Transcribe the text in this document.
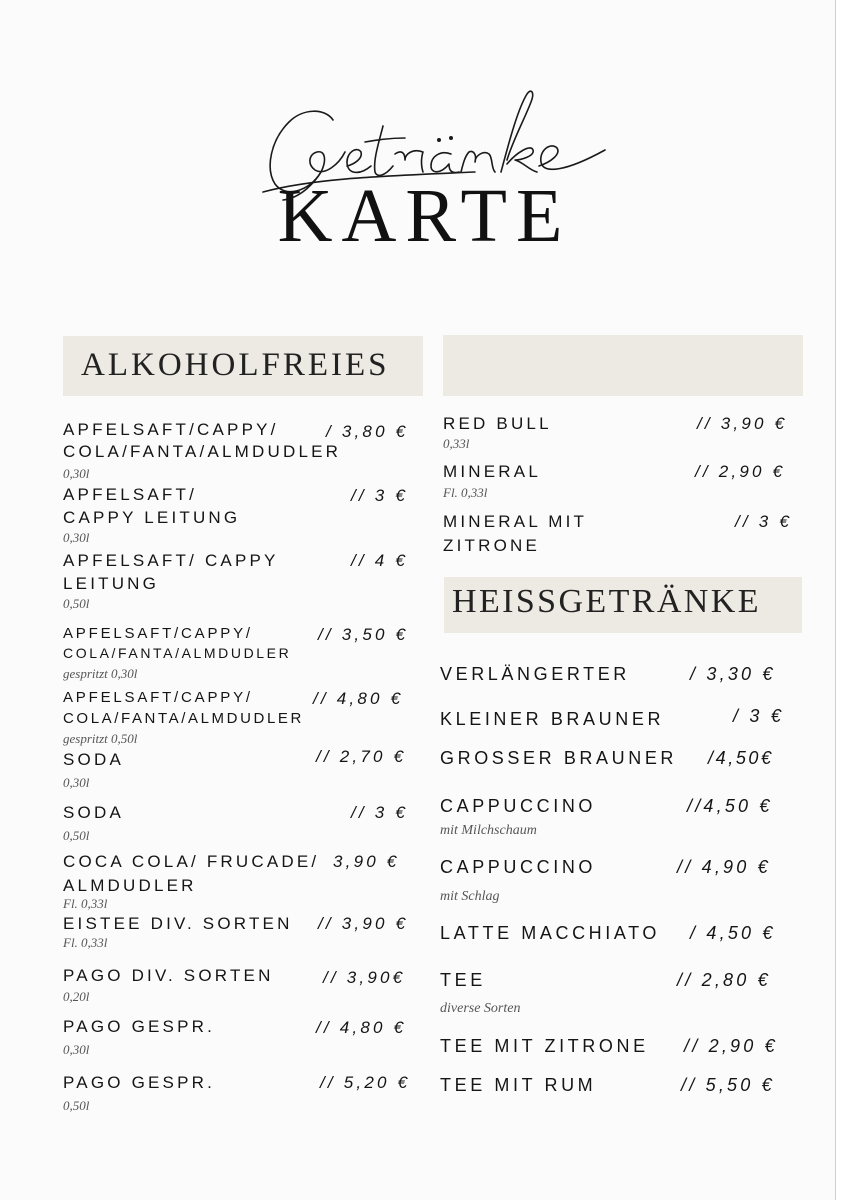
KARTE
ALKOHOLFREIES
APFELSAFT/CAPPY/
COLA/FANTA/ALMDUDLER
0,30l
/ 3,80 €
APFELSAFT/
CAPPY LEITUNG
0,30l
// 3 €
APFELSAFT/ CAPPY
LEITUNG
0,50l
// 4 €
APFELSAFT/CAPPY/
COLA/FANTA/ALMDUDLER
gespritzt 0,30l
// 3,50 €
APFELSAFT/CAPPY/
COLA/FANTA/ALMDUDLER
gespritzt 0,50l
// 4,80 €
SODA
0,30l
// 2,70 €
SODA
0,50l
// 3 €
COCA COLA/ FRUCADE/
ALMDUDLER
Fl. 0,33l
3,90 €
EISTEE DIV. SORTEN
Fl. 0,33l
// 3,90 €
PAGO DIV. SORTEN
0,20l
// 3,90€
PAGO GESPR.
0,30l
// 4,80 €
PAGO GESPR.
0,50l
// 5,20 €
RED BULL
0,33l
// 3,90 €
MINERAL
Fl. 0,33l
// 2,90 €
MINERAL MIT
ZITRONE
// 3 €
HEISSGETRÄNKE
VERLÄNGERTER	/ 3,30 €
KLEINER BRAUNER	/ 3 €
GROSSER BRAUNER /4,50€
CAPPUCCINO
mit Milchschaum
//4,50 €
CAPPUCCINO
mit Schlag
// 4,90 €
LATTE MACCHIATO / 4,50 €
TEE
diverse Sorten
// 2,80 €
TEE MIT ZITRONE // 2,90 €
TEE MIT RUM	// 5,50 €
